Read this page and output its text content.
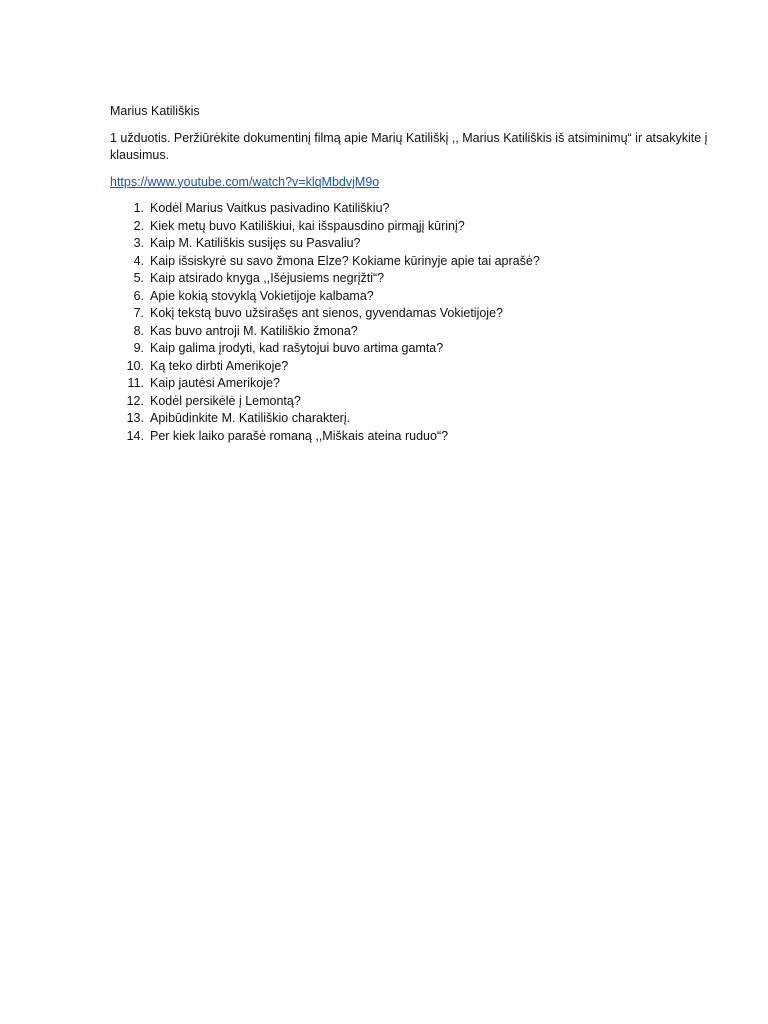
Marius Katiliškis
1 užduotis. Peržiūrėkite dokumentinį filmą apie Marių Katiliškį ,, Marius Katiliškis iš atsiminimų“ ir atsakykite į klausimus.
https://www.youtube.com/watch?v=klqMbdvjM9o
1. Kodėl Marius Vaitkus pasivadino Katiliškiu?
2. Kiek metų buvo Katiliškiui, kai išspausdino pirmąjį kūrinį?
3. Kaip M. Katiliškis susijęs su Pasvaliu?
4. Kaip išsiskyrė su savo žmona Elze? Kokiame kūrinyje apie tai aprašė?
5. Kaip atsirado knyga ,,Išėjusiems negrįžti“?
6. Apie kokią stovyklą Vokietijoje kalbama?
7. Kokį tekstą buvo užsirašęs ant sienos, gyvendamas Vokietijoje?
8. Kas buvo antroji M. Katiliškio žmona?
9. Kaip galima įrodyti, kad rašytojui buvo artima gamta?
10. Ką teko dirbti Amerikoje?
11. Kaip jautėsi Amerikoje?
12. Kodėl persikėlė į Lemontą?
13. Apibūdinkite M. Katiliškio charakterį.
14. Per kiek laiko parašė romaną ,,Miškais ateina ruduo“?
